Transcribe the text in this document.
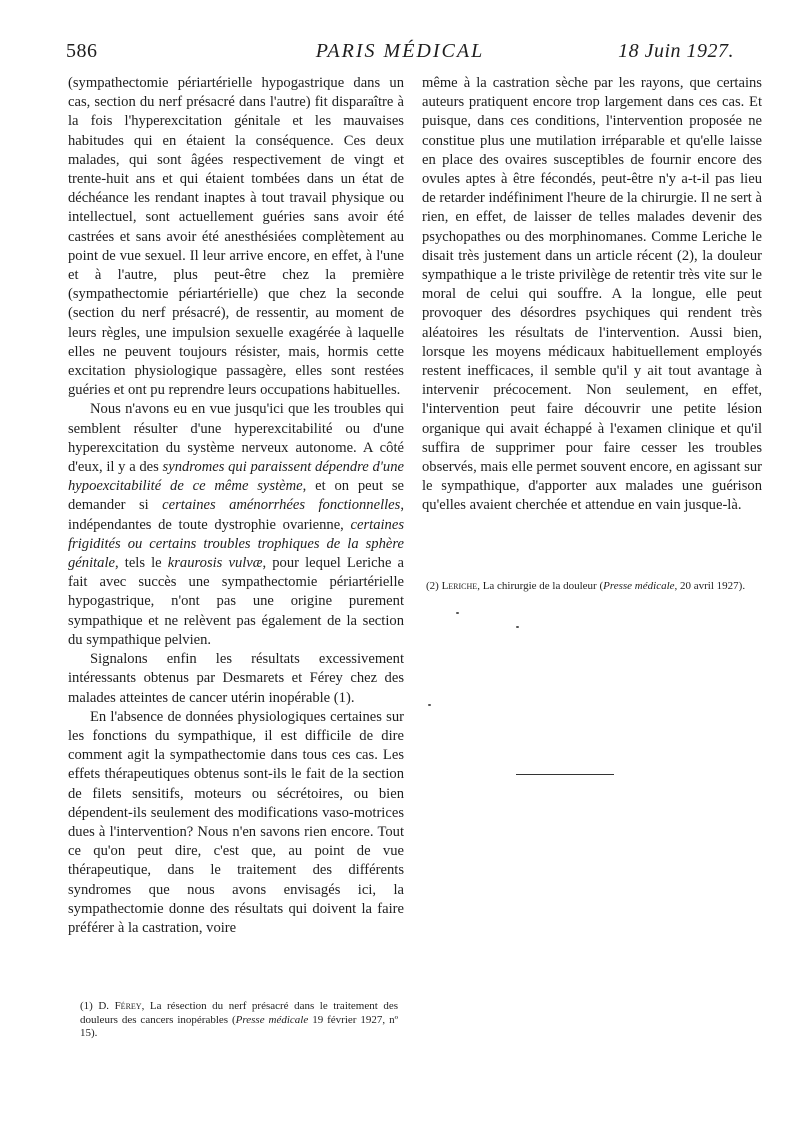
PARIS MÉDICAL
586	18 Juin 1927.

(sympathectomie périartérielle hypogastrique dans un cas, section du nerf présacré dans l'autre) fit disparaître à la fois l'hyperexcitation génitale et les mauvaises habitudes qui en étaient la conséquence. Ces deux malades, qui sont âgées respectivement de vingt et trente-huit ans et qui étaient tombées dans un état de déchéance les rendant inaptes à tout travail physique ou intellectuel, sont actuellement guéries sans avoir été castrées et sans avoir été anesthésiées complètement au point de vue sexuel. Il leur arrive encore, en effet, à l'une et à l'autre, plus peut-être chez la première (sympathectomie périartérielle) que chez la seconde (section du nerf présacré), de ressentir, au moment de leurs règles, une impulsion sexuelle exagérée à laquelle elles ne peuvent toujours résister, mais, hormis cette excitation physiologique passagère, elles sont restées guéries et ont pu reprendre leurs occupations habituelles.

Nous n'avons eu en vue jusqu'ici que les troubles qui semblent résulter d'une hyperexcitabilité ou d'une hyperexcitation du système nerveux autonome. A côté d'eux, il y a des syndromes qui paraissent dépendre d'une hypoexcitabilité de ce même système, et on peut se demander si certaines aménorrhées fonctionnelles, indépendantes de toute dystrophie ovarienne, certaines frigidités ou certains troubles trophiques de la sphère génitale, tels le kraurosis vulvæ, pour lequel Leriche a fait avec succès une sympathectomie périartérielle hypogastrique, n'ont pas une origine purement sympathique et ne relèvent pas également de la section du sympathique pelvien.

Signalons enfin les résultats excessivement intéressants obtenus par Desmarets et Férey chez des malades atteintes de cancer utérin inopérable (1).

En l'absence de données physiologiques certaines sur les fonctions du sympathique, il est difficile de dire comment agit la sympathectomie dans tous ces cas. Les effets thérapeutiques obtenus sont-ils le fait de la section de filets sensitifs, moteurs ou sécrétoires, ou bien dépendent-ils seulement des modifications vaso-motrices dues à l'intervention? Nous n'en savons rien encore. Tout ce qu'on peut dire, c'est que, au point de vue thérapeutique, dans le traitement des différents syndromes que nous avons envisagés ici, la sympathectomie donne des résultats qui doivent la faire préférer à la castration, voire

même à la castration sèche par les rayons, que certains auteurs pratiquent encore trop largement dans ces cas. Et puisque, dans ces conditions, l'intervention proposée ne constitue plus une mutilation irréparable et qu'elle laisse en place des ovaires susceptibles de fournir encore des ovules aptes à être fécondés, peut-être n'y a-t-il pas lieu de retarder indéfiniment l'heure de la chirurgie. Il ne sert à rien, en effet, de laisser de telles malades devenir des psychopathes ou des morphinomanes. Comme Leriche le disait très justement dans un article récent (2), la douleur sympathique a le triste privilège de retentir très vite sur le moral de celui qui souffre. A la longue, elle peut provoquer des désordres psychiques qui rendent très aléatoires les résultats de l'intervention. Aussi bien, lorsque les moyens médicaux habituellement employés restent inefficaces, il semble qu'il y ait tout avantage à intervenir précocement. Non seulement, en effet, l'intervention peut faire découvrir une petite lésion organique qui avait échappé à l'examen clinique et qu'il suffira de supprimer pour faire cesser les troubles observés, mais elle permet souvent encore, en agissant sur le sympathique, d'apporter aux malades une guérison qu'elles avaient cherchée et attendue en vain jusque-là.

(2) Leriche, La chirurgie de la douleur (Presse médicale, 20 avril 1927).
(1) D. Férey, La résection du nerf présacré dans le traitement des douleurs des cancers inopérables (Presse médicale 19 février 1927, nº 15).
